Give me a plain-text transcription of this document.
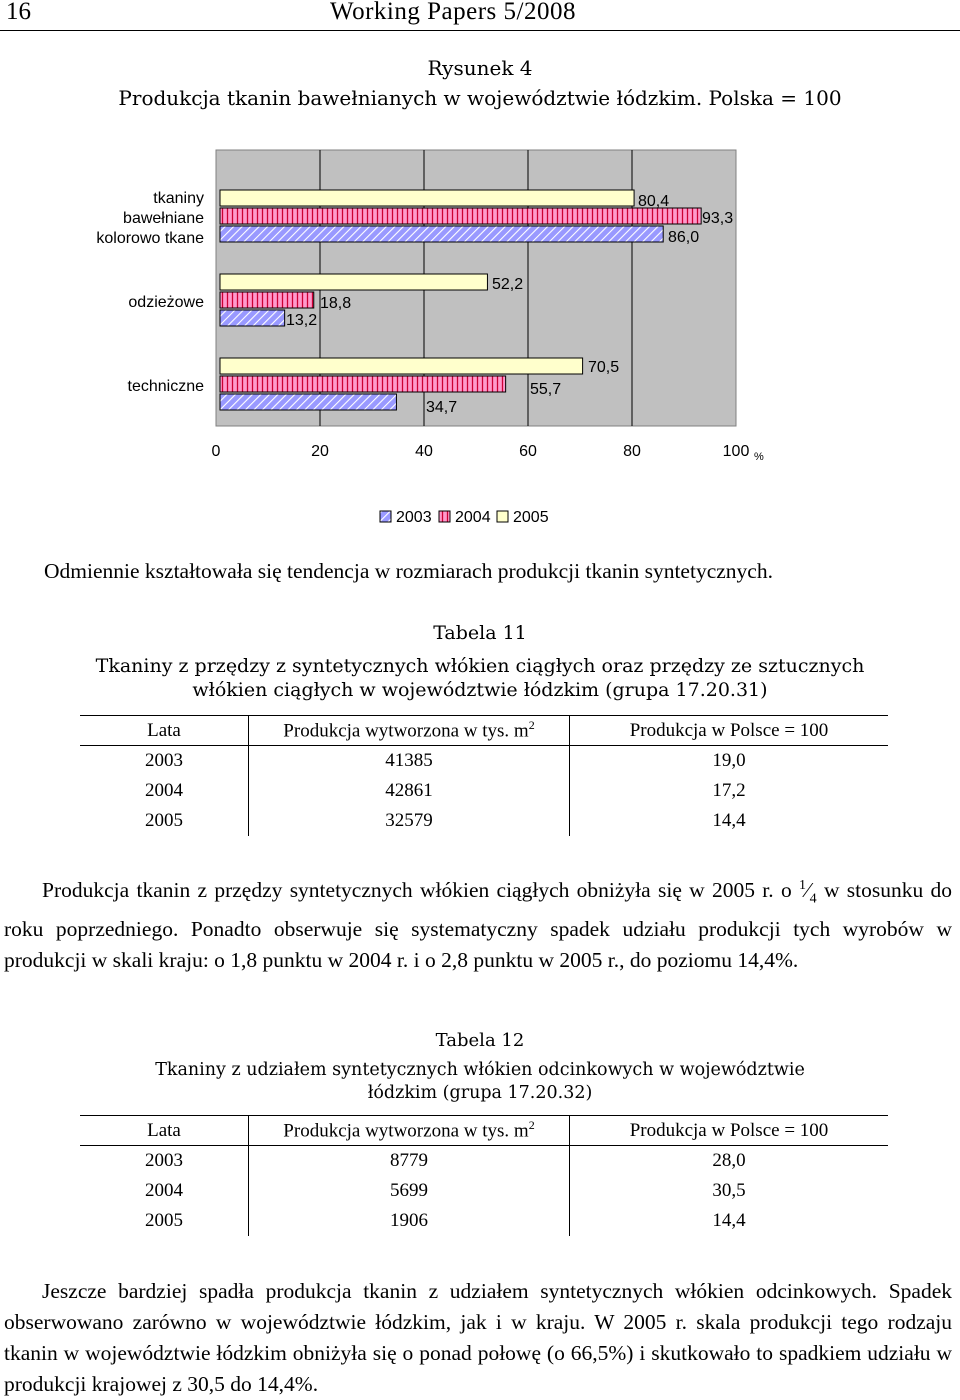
16	Working Papers 5/2008
Rysunek 4
Produkcja tkanin bawełnianych w województwie łódzkim. Polska = 100
0	20	40	60	80	100 %
tkaniny
bawełniane
kolorowo tkane
odzieżowe
techniczne
80,4
93,3
86,0
52,2
18,8
13,2
70,5
55,7
34,7
2003 2004 2005
Odmiennie kształtowała się tendencja w rozmiarach produkcji tkanin syntetycznych.
Tabela 11
Tkaniny z przędzy z syntetycznych włókien ciągłych oraz przędzy ze sztucznych
włókien ciągłych w województwie łódzkim (grupa 17.20.31)
Lata	Produkcja wytworzona w tys. $m^2$	Produkcja w Polsce = 100
2003	41385	19,0
2004	42861	17,2
2005	32579	14,4
Produkcja tkanin z przędzy syntetycznych włókien ciągłych obniżyła się w 2005 r. o $^1⁄_4$ w stosunku do roku poprzedniego. Ponadto obserwuje się systematyczny spadek udziału produkcji tych wyrobów w produkcji w skali kraju: o 1,8 punktu w 2004 r. i o 2,8 punktu w 2005 r., do poziomu 14,4%.
Tabela 12
Tkaniny z udziałem syntetycznych włókien odcinkowych w województwie
łódzkim (grupa 17.20.32)
Lata	Produkcja wytworzona w tys. $m^2$	Produkcja w Polsce = 100
2003	8779	28,0
2004	5699	30,5
2005	1906	14,4
Jeszcze bardziej spadła produkcja tkanin z udziałem syntetycznych włókien odcinkowych. Spadek obserwowano zarówno w województwie łódzkim, jak i w kraju. W 2005 r. skala produkcji tego rodzaju tkanin w województwie łódzkim obniżyła się o ponad połowę (o 66,5%) i skutkowało to spadkiem udziału w produkcji krajowej z 30,5 do 14,4%.
